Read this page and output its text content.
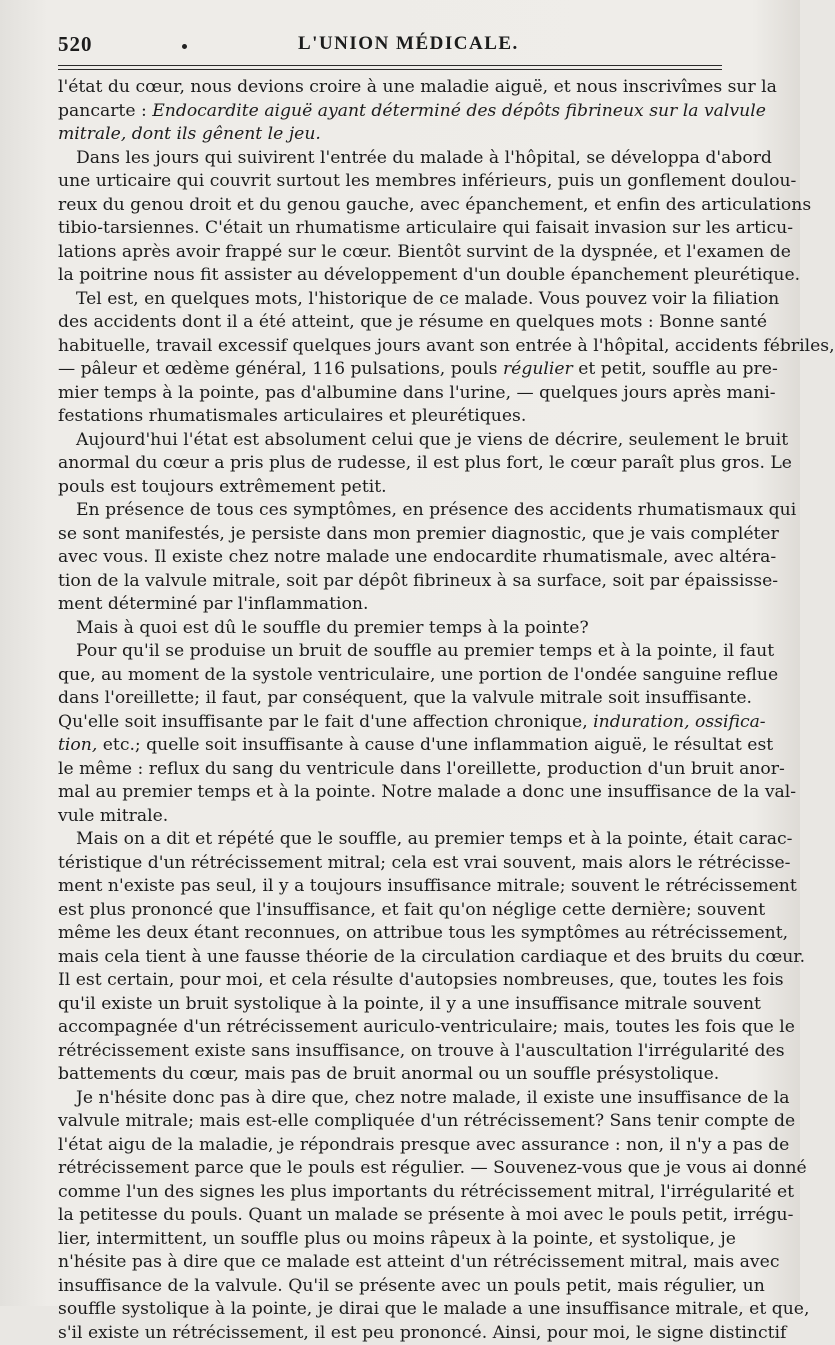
520	L'UNION MÉDICALE.
l'état du cœur, nous devions croire à une maladie aiguë, et nous inscrivîmes sur la
pancarte : Endocardite aiguë ayant déterminé des dépôts fibrineux sur la valvule
mitrale, dont ils gênent le jeu.
Dans les jours qui suivirent l'entrée du malade à l'hôpital, se développa d'abord
une urticaire qui couvrit surtout les membres inférieurs, puis un gonflement doulou-
reux du genou droit et du genou gauche, avec épanchement, et enfin des articulations
tibio-tarsiennes. C'était un rhumatisme articulaire qui faisait invasion sur les articu-
lations après avoir frappé sur le cœur. Bientôt survint de la dyspnée, et l'examen de
la poitrine nous fit assister au développement d'un double épanchement pleurétique.
Tel est, en quelques mots, l'historique de ce malade. Vous pouvez voir la filiation
des accidents dont il a été atteint, que je résume en quelques mots : Bonne santé
habituelle, travail excessif quelques jours avant son entrée à l'hôpital, accidents fébriles,
— pâleur et œdème général, 116 pulsations, pouls régulier et petit, souffle au pre-
mier temps à la pointe, pas d'albumine dans l'urine, — quelques jours après mani-
festations rhumatismales articulaires et pleurétiques.
Aujourd'hui l'état est absolument celui que je viens de décrire, seulement le bruit
anormal du cœur a pris plus de rudesse, il est plus fort, le cœur paraît plus gros. Le
pouls est toujours extrêmement petit.
En présence de tous ces symptômes, en présence des accidents rhumatismaux qui
se sont manifestés, je persiste dans mon premier diagnostic, que je vais compléter
avec vous. Il existe chez notre malade une endocardite rhumatismale, avec altéra-
tion de la valvule mitrale, soit par dépôt fibrineux à sa surface, soit par épaississe-
ment déterminé par l'inflammation.
Mais à quoi est dû le souffle du premier temps à la pointe?
Pour qu'il se produise un bruit de souffle au premier temps et à la pointe, il faut
que, au moment de la systole ventriculaire, une portion de l'ondée sanguine reflue
dans l'oreillette; il faut, par conséquent, que la valvule mitrale soit insuffisante.
Qu'elle soit insuffisante par le fait d'une affection chronique, induration, ossifica-
tion, etc.; quelle soit insuffisante à cause d'une inflammation aiguë, le résultat est
le même : reflux du sang du ventricule dans l'oreillette, production d'un bruit anor-
mal au premier temps et à la pointe. Notre malade a donc une insuffisance de la val-
vule mitrale.
Mais on a dit et répété que le souffle, au premier temps et à la pointe, était carac-
téristique d'un rétrécissement mitral; cela est vrai souvent, mais alors le rétrécisse-
ment n'existe pas seul, il y a toujours insuffisance mitrale; souvent le rétrécissement
est plus prononcé que l'insuffisance, et fait qu'on néglige cette dernière; souvent
même les deux étant reconnues, on attribue tous les symptômes au rétrécissement,
mais cela tient à une fausse théorie de la circulation cardiaque et des bruits du cœur.
Il est certain, pour moi, et cela résulte d'autopsies nombreuses, que, toutes les fois
qu'il existe un bruit systolique à la pointe, il y a une insuffisance mitrale souvent
accompagnée d'un rétrécissement auriculo-ventriculaire; mais, toutes les fois que le
rétrécissement existe sans insuffisance, on trouve à l'auscultation l'irrégularité des
battements du cœur, mais pas de bruit anormal ou un souffle présystolique.
Je n'hésite donc pas à dire que, chez notre malade, il existe une insuffisance de la
valvule mitrale; mais est-elle compliquée d'un rétrécissement? Sans tenir compte de
l'état aigu de la maladie, je répondrais presque avec assurance : non, il n'y a pas de
rétrécissement parce que le pouls est régulier. — Souvenez-vous que je vous ai donné
comme l'un des signes les plus importants du rétrécissement mitral, l'irrégularité et
la petitesse du pouls. Quant un malade se présente à moi avec le pouls petit, irrégu-
lier, intermittent, un souffle plus ou moins râpeux à la pointe, et systolique, je
n'hésite pas à dire que ce malade est atteint d'un rétrécissement mitral, mais avec
insuffisance de la valvule. Qu'il se présente avec un pouls petit, mais régulier, un
souffle systolique à la pointe, je dirai que le malade a une insuffisance mitrale, et que,
s'il existe un rétrécissement, il est peu prononcé. Ainsi, pour moi, le signe distinctif
